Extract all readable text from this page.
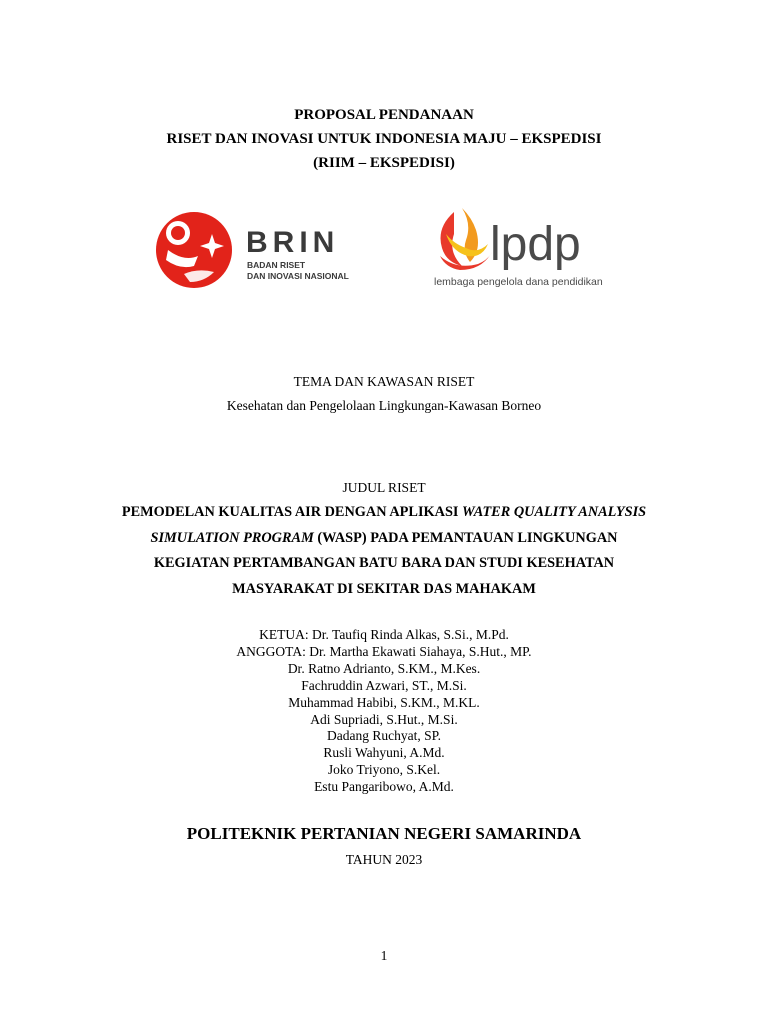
PROPOSAL PENDANAAN
RISET DAN INOVASI UNTUK INDONESIA MAJU – EKSPEDISI
(RIIM – EKSPEDISI)
BRIN
BADAN RISET
DAN INOVASI NASIONAL
lpdp
lembaga pengelola dana pendidikan
TEMA DAN KAWASAN RISET
Kesehatan dan Pengelolaan Lingkungan-Kawasan Borneo
JUDUL RISET
PEMODELAN KUALITAS AIR DENGAN APLIKASI WATER QUALITY ANALYSIS
SIMULATION PROGRAM (WASP) PADA PEMANTAUAN LINGKUNGAN
KEGIATAN PERTAMBANGAN BATU BARA DAN STUDI KESEHATAN
MASYARAKAT DI SEKITAR DAS MAHAKAM
KETUA: Dr. Taufiq Rinda Alkas, S.Si., M.Pd.
ANGGOTA: Dr. Martha Ekawati Siahaya, S.Hut., MP.
Dr. Ratno Adrianto, S.KM., M.Kes.
Fachruddin Azwari, ST., M.Si.
Muhammad Habibi, S.KM., M.KL.
Adi Supriadi, S.Hut., M.Si.
Dadang Ruchyat, SP.
Rusli Wahyuni, A.Md.
Joko Triyono, S.Kel.
Estu Pangaribowo, A.Md.
POLITEKNIK PERTANIAN NEGERI SAMARINDA
TAHUN 2023
1
